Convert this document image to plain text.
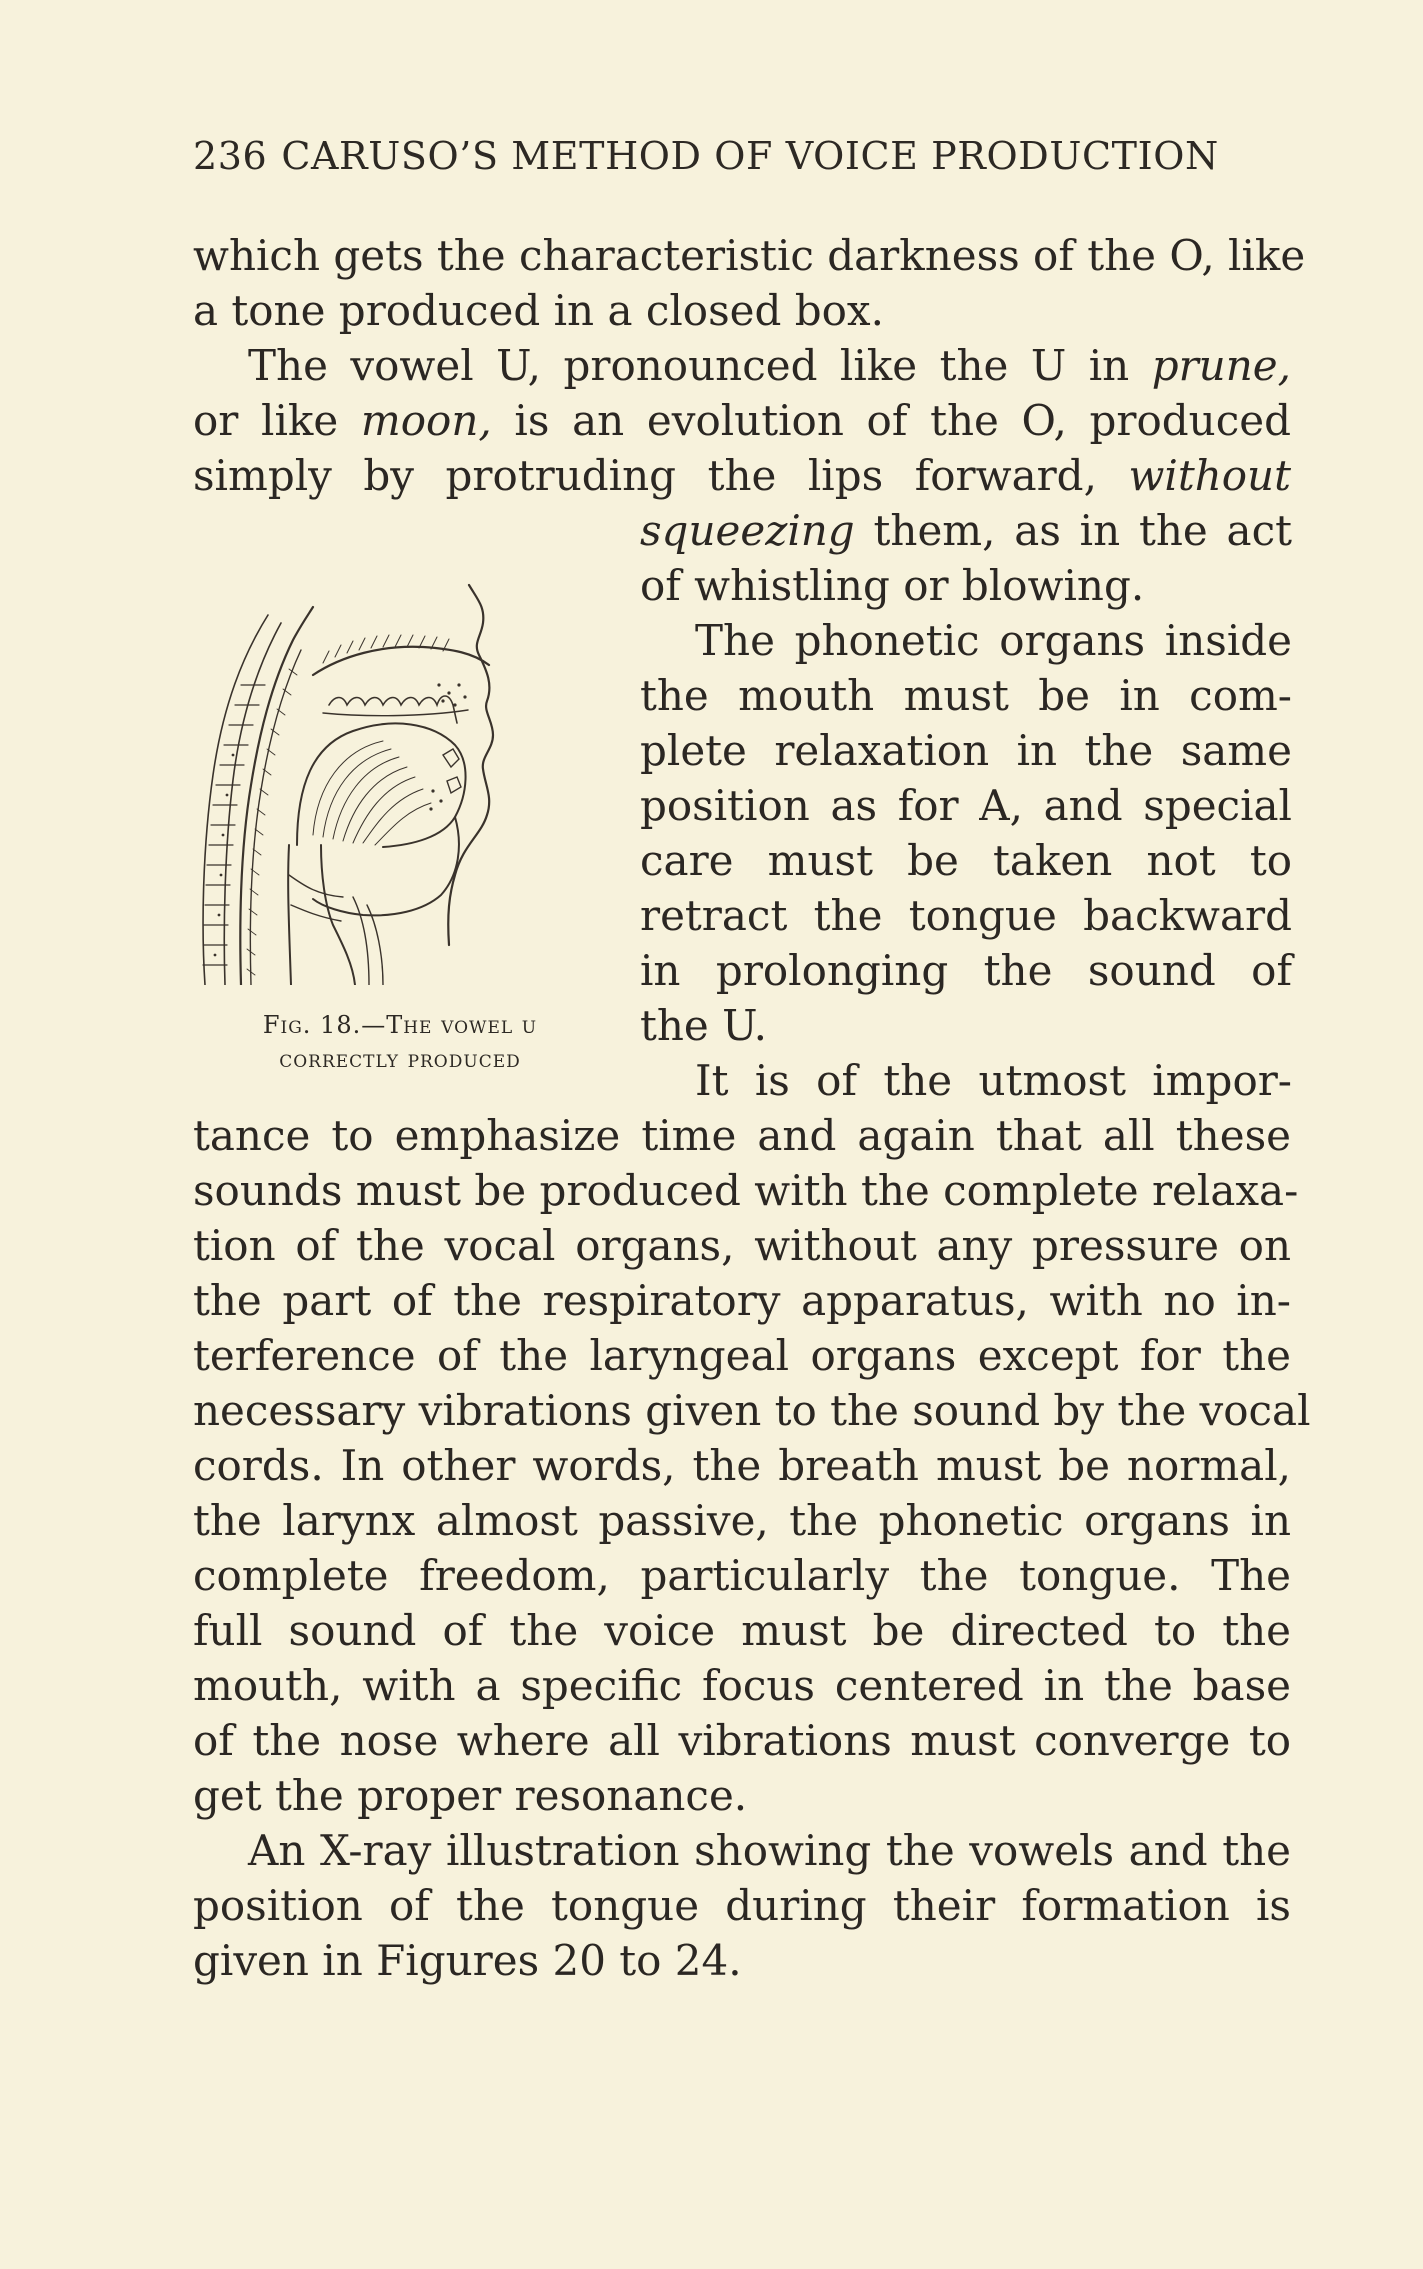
236 CARUSO’S METHOD OF VOICE PRODUCTION
which gets the characteristic darkness of the O, like
a tone produced in a closed box.
The vowel U, pronounced like the U in prune,
or like moon, is an evolution of the O, produced
simply by protruding the lips forward, without
squeezing them, as in the act
of whistling or blowing.
The phonetic organs inside
the mouth must be in com-
plete relaxation in the same
position as for A, and special
care must be taken not to
retract the tongue backward
in prolonging the sound of
the U.
It is of the utmost impor-
tance to emphasize time and again that all these
sounds must be produced with the complete relaxa-
tion of the vocal organs, without any pressure on
the part of the respiratory apparatus, with no in-
terference of the laryngeal organs except for the
necessary vibrations given to the sound by the vocal
cords. In other words, the breath must be normal,
the larynx almost passive, the phonetic organs in
complete freedom, particularly the tongue. The
full sound of the voice must be directed to the
mouth, with a specific focus centered in the base
of the nose where all vibrations must converge to
get the proper resonance.
An X-ray illustration showing the vowels and the
position of the tongue during their formation is
given in Figures 20 to 24.
Fig. 18.—The vowel u
correctly produced
